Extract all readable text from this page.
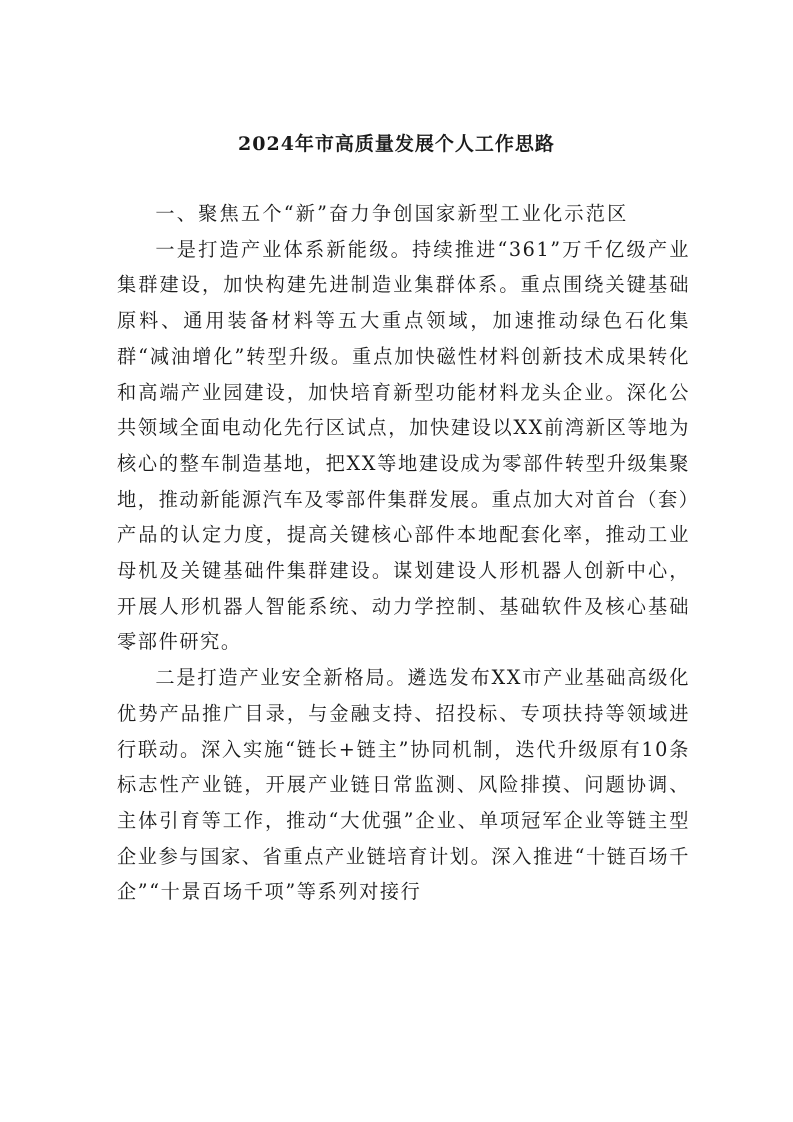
2024年市高质量发展个人工作思路

一、聚焦五个“新”奋力争创国家新型工业化示范区

一是打造产业体系新能级。持续推进“361”万千亿级产业集群建设，加快构建先进制造业集群体系。重点围绕关键基础原料、通用装备材料等五大重点领域，加速推动绿色石化集群“减油增化”转型升级。重点加快磁性材料创新技术成果转化和高端产业园建设，加快培育新型功能材料龙头企业。深化公共领域全面电动化先行区试点，加快建设以XX前湾新区等地为核心的整车制造基地，把XX等地建设成为零部件转型升级集聚地，推动新能源汽车及零部件集群发展。重点加大对首台（套）产品的认定力度，提高关键核心部件本地配套化率，推动工业母机及关键基础件集群建设。谋划建设人形机器人创新中心，开展人形机器人智能系统、动力学控制、基础软件及核心基础零部件研究。

二是打造产业安全新格局。遴选发布XX市产业基础高级化优势产品推广目录，与金融支持、招投标、专项扶持等领域进行联动。深入实施“链长+链主”协同机制，迭代升级原有10条标志性产业链，开展产业链日常监测、风险排摸、问题协调、主体引育等工作，推动“大优强”企业、单项冠军企业等链主型企业参与国家、省重点产业链培育计划。深入推进“十链百场千企”“十景百场千项”等系列对接行
